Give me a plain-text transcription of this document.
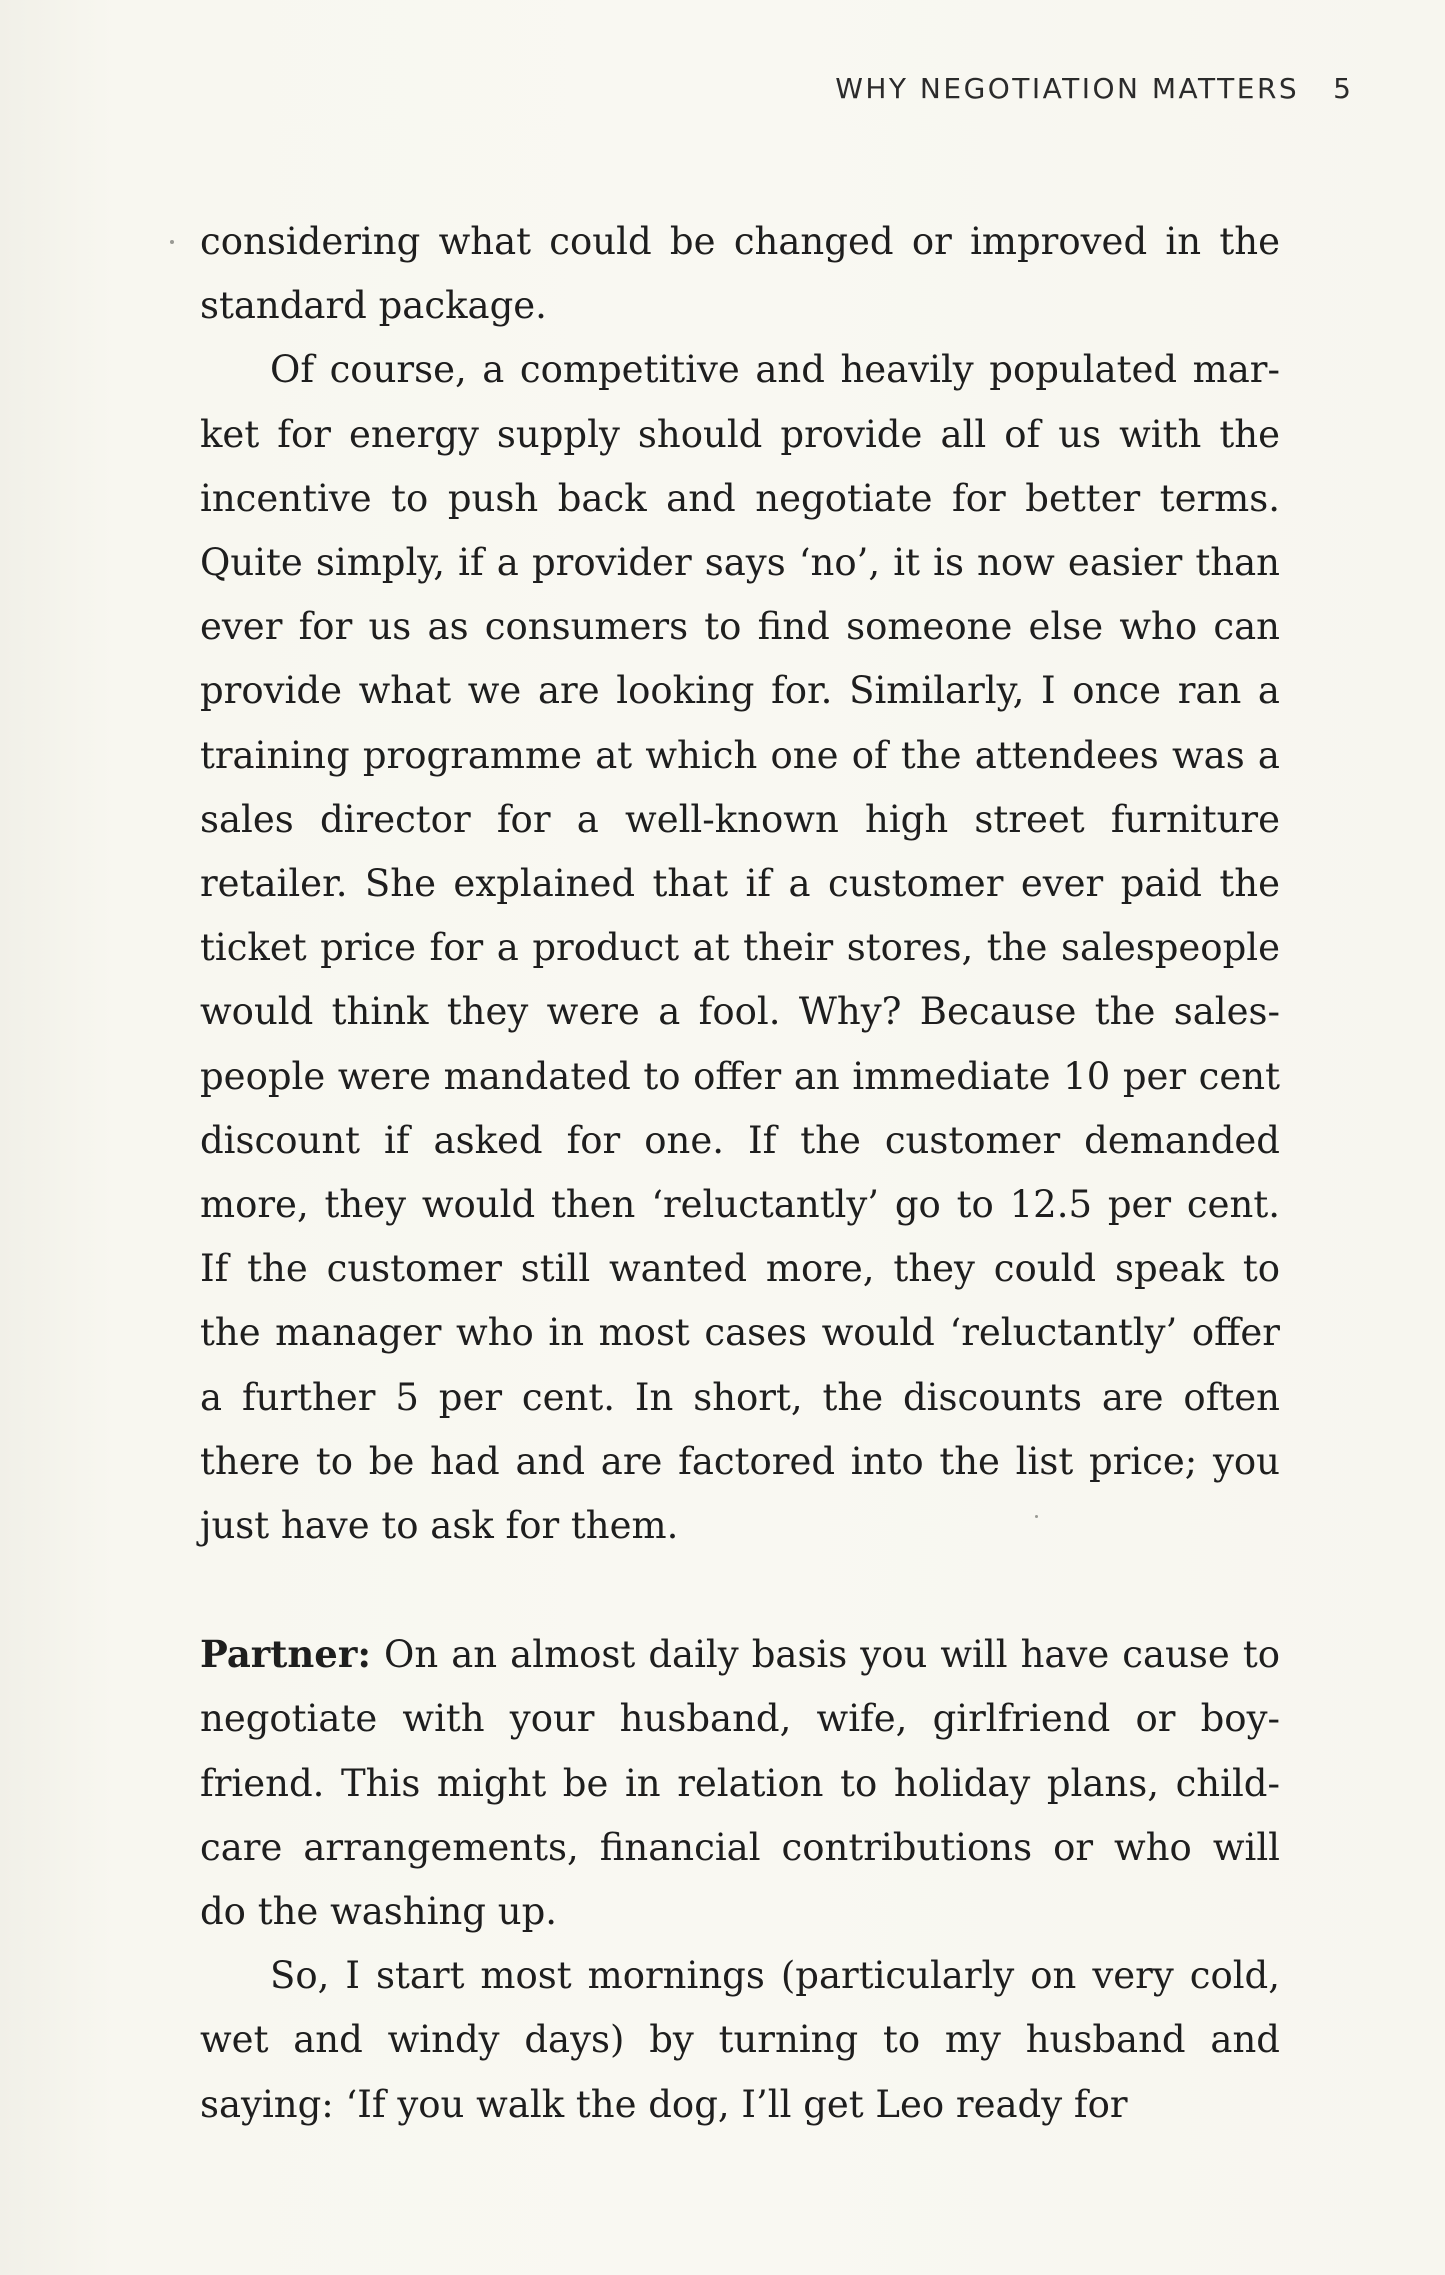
WHY NEGOTIATION MATTERS 5

considering what could be changed or improved in the standard package.

Of course, a competitive and heavily populated market for energy supply should provide all of us with the incentive to push back and negotiate for better terms. Quite simply, if a provider says ‘no’, it is now easier than ever for us as consumers to find someone else who can provide what we are looking for. Similarly, I once ran a training programme at which one of the attendees was a sales director for a well-known high street furniture retailer. She explained that if a customer ever paid the ticket price for a product at their stores, the salespeople would think they were a fool. Why? Because the salespeople were mandated to offer an immediate 10 per cent discount if asked for one. If the customer demanded more, they would then ‘reluctantly’ go to 12.5 per cent. If the customer still wanted more, they could speak to the manager who in most cases would ‘reluctantly’ offer a further 5 per cent. In short, the discounts are often there to be had and are factored into the list price; you just have to ask for them.

Partner: On an almost daily basis you will have cause to negotiate with your husband, wife, girlfriend or boyfriend. This might be in relation to holiday plans, childcare arrangements, financial contributions or who will do the washing up.

So, I start most mornings (particularly on very cold, wet and windy days) by turning to my husband and saying: ‘If you walk the dog, I’ll get Leo ready for
